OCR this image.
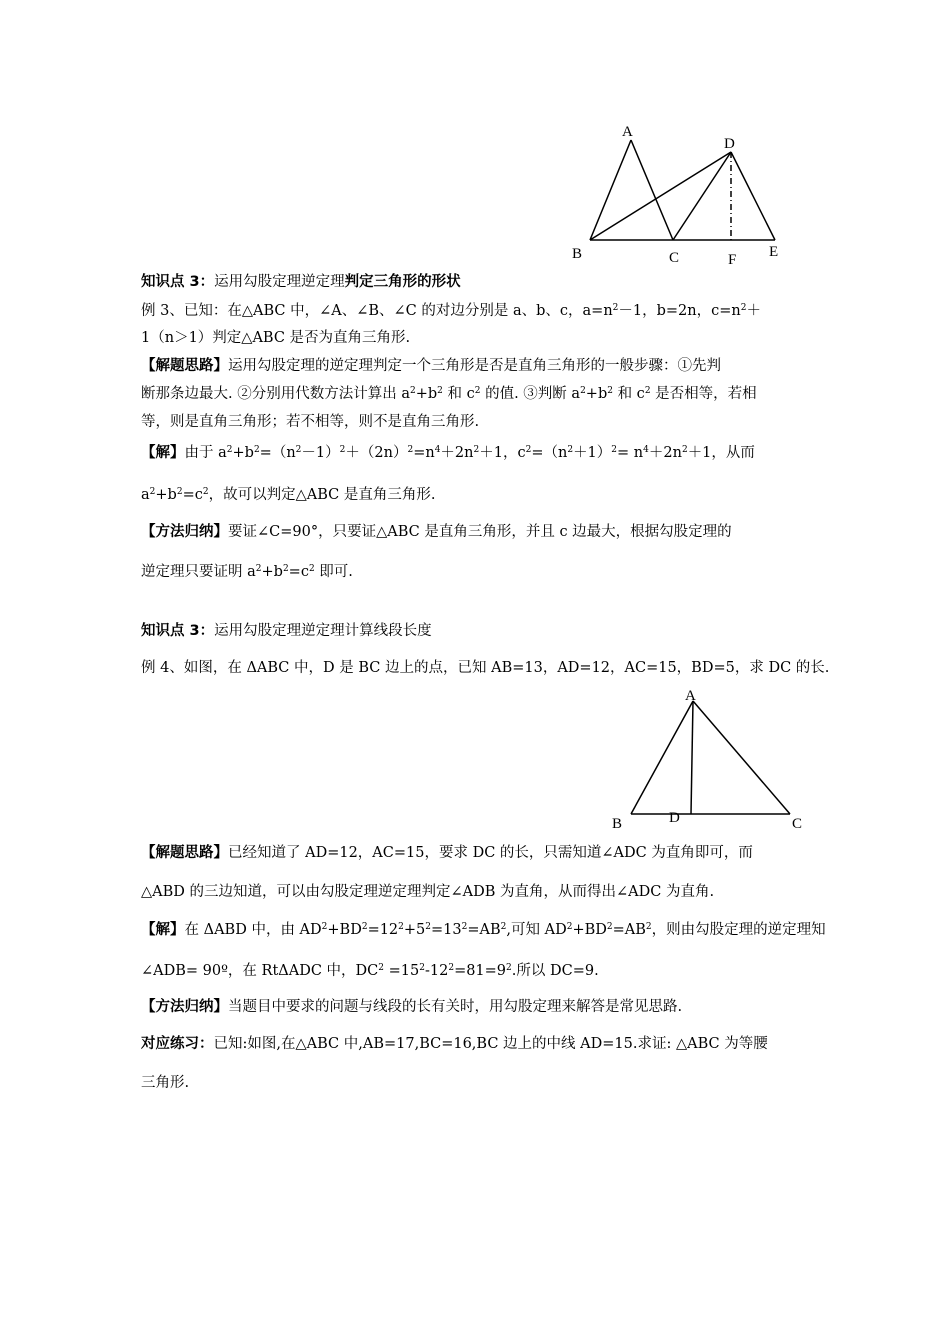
A
B	C
D
E
F
知识点 3：运用勾股定理逆定理判定三角形的形状
例 3、已知：在△ABC 中，∠A、∠B、∠C 的对边分别是 a、b、c，$a=n^2-1$，b=2n，$c=n^2+$
1（n＞1）判定△ABC 是否为直角三角形.
【解题思路】运用勾股定理的逆定理判定一个三角形是否是直角三角形的一般步骤：①先判
断那条边最大. ②分别用代数方法计算出 $a^2+b^2$ 和 $c^2$ 的值. ③判断 $a^2+b^2$ 和 $c^2$ 是否相等，若相
等，则是直角三角形；若不相等，则不是直角三角形.
【解】由于 $a^2+b^2=(n^2-1)^2+(2n)^2=n^4+2n^2+1$，$c^2=(n^2+1)^2= n^4+2n^2+1$，从而
$a^2+b^2=c^2$，故可以判定△ABC 是直角三角形.
【方法归纳】要证∠C=90°，只要证△ABC 是直角三角形，并且 c 边最大，根据勾股定理的
逆定理只要证明 $a^2+b^2=c^2$ 即可.
知识点 3：运用勾股定理逆定理计算线段长度
例 4、如图，在 ΔABC 中，D 是 BC 边上的点，已知 AB=13，AD=12，AC=15，BD=5，求 DC 的长.
A
B	D	C
【解题思路】已经知道了 AD=12，AC=15，要求 DC 的长，只需知道∠ADC 为直角即可，而
△ABD 的三边知道，可以由勾股定理逆定理判定∠ADB 为直角，从而得出∠ADC 为直角.
【解】在 ΔABD 中，由 $AD^2+BD^2=12^2+5^2=13^2=AB^2$,可知 $AD^2+BD^2=AB^2$，则由勾股定理的逆定理知
∠ADB= 90º，在 RtΔADC 中，$DC^2 =15^2-12^2=81=9^2$.所以 DC=9.
【方法归纳】当题目中要求的问题与线段的长有关时，用勾股定理来解答是常见思路.
对应练习：已知:如图,在△ABC 中,AB=17,BC=16,BC 边上的中线 AD=15.求证: △ABC 为等腰
三角形.
